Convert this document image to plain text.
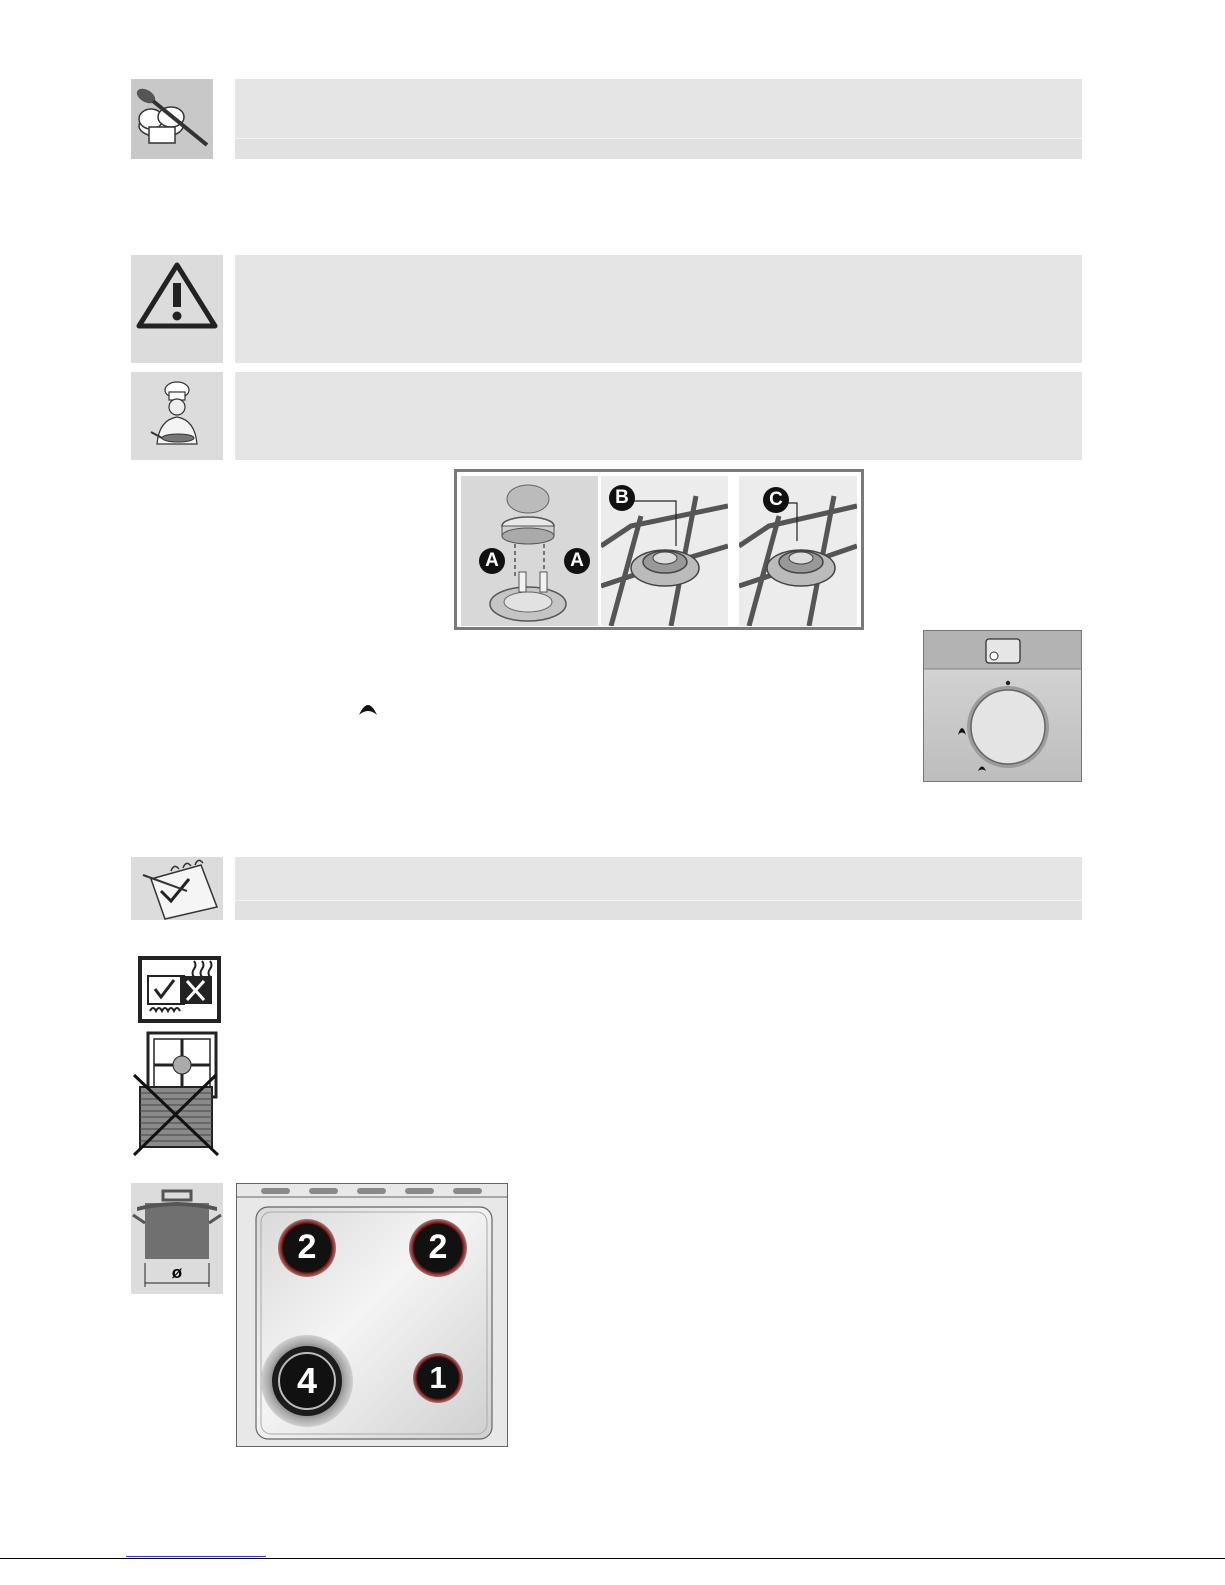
A	A
B	C
ø
2	2
4	1
